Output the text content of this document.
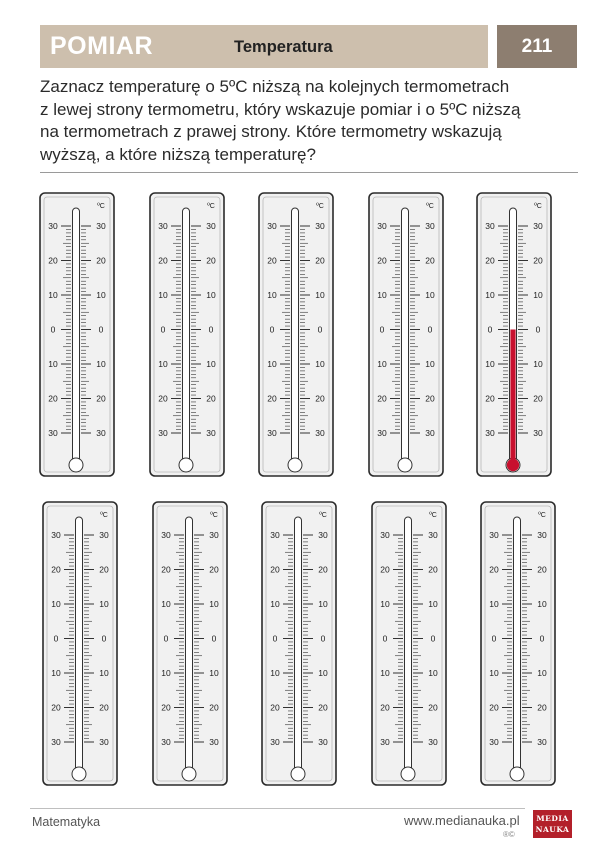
POMIAR	Temperatura	211
Zaznacz temperaturę o 5ºC niższą na kolejnych termometrach
z lewej strony termometru, który wskazuje pomiar i o 5ºC niższą
na termometrach z prawej strony. Które termometry wskazują
wyższą, a które niższą temperaturę?
ºC
30	30
20	20
10	10
0	0
10	10
20	20
30	30
ºC
30	30
20	20
10	10
0	0
10	10
20	20
30	30
ºC
30	30
20	20
10	10
0	0
10	10
20	20
30	30
ºC
30	30
20	20
10	10
0	0
10	10
20	20
30	30
ºC
30	30
20	20
10	10
0	0
10	10
20	20
30	30
ºC
30	30
20	20
10	10
0	0
10	10
20	20
30	30
ºC
30	30
20	20
10	10
0	0
10	10
20	20
30	30
ºC
30	30
20	20
10	10
0	0
10	10
20	20
30	30
ºC
30	30
20	20
10	10
0	0
10	10
20	20
30	30
ºC
30	30
20	20
10	10
0	0
10	10
20	20
30	30
Matematyka	www.medianauka.pl
®©
MEDIA
NAUKA
